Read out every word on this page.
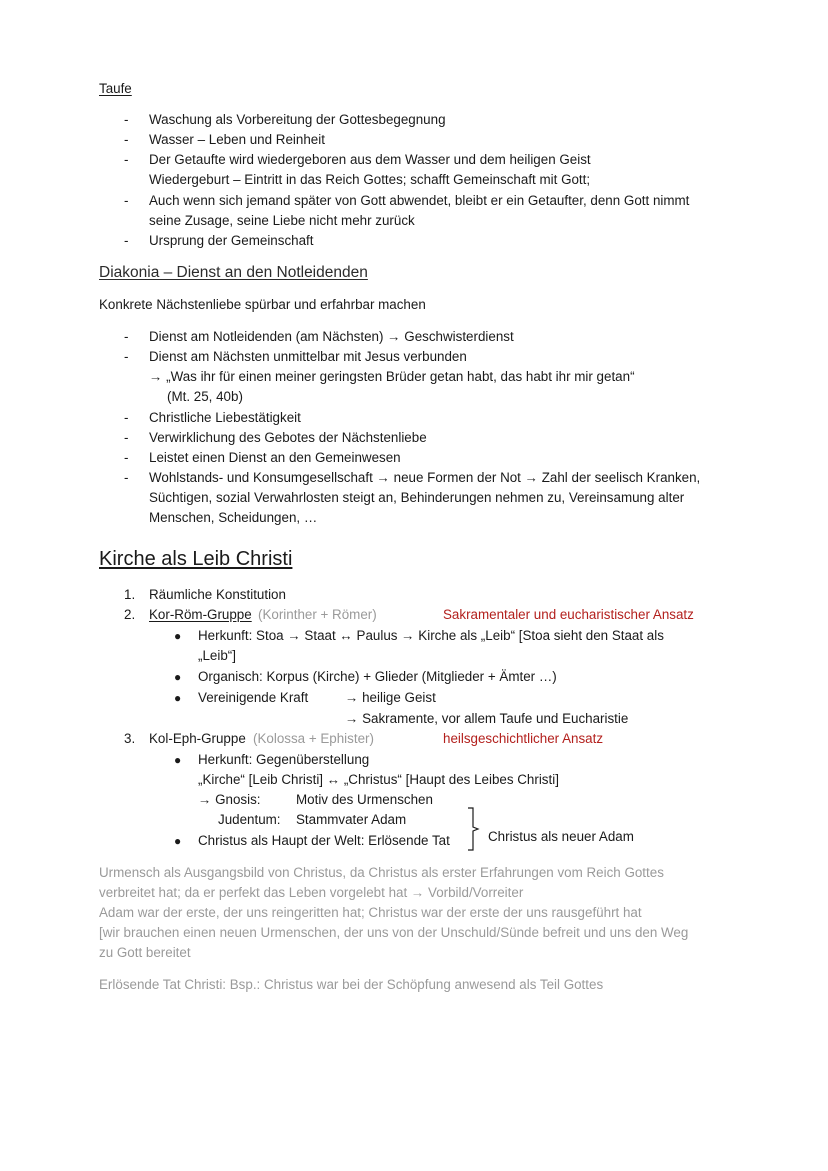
Taufe
- Waschung als Vorbereitung der Gottesbegegnung
- Wasser – Leben und Reinheit
- Der Getaufte wird wiedergeboren aus dem Wasser und dem heiligen Geist
Wiedergeburt – Eintritt in das Reich Gottes; schafft Gemeinschaft mit Gott;
- Auch wenn sich jemand später von Gott abwendet, bleibt er ein Getaufter, denn Gott nimmt
seine Zusage, seine Liebe nicht mehr zurück
- Ursprung der Gemeinschaft
Diakonia – Dienst an den Notleidenden
Konkrete Nächstenliebe spürbar und erfahrbar machen
- Dienst am Notleidenden (am Nächsten) → Geschwisterdienst
- Dienst am Nächsten unmittelbar mit Jesus verbunden
→ „Was ihr für einen meiner geringsten Brüder getan habt, das habt ihr mir getan“
(Mt. 25, 40b)
- Christliche Liebestätigkeit
- Verwirklichung des Gebotes der Nächstenliebe
- Leistet einen Dienst an den Gemeinwesen
- Wohlstands- und Konsumgesellschaft → neue Formen der Not → Zahl der seelisch Kranken,
Süchtigen, sozial Verwahrlosten steigt an, Behinderungen nehmen zu, Vereinsamung alter
Menschen, Scheidungen, …
Kirche als Leib Christi
1. Räumliche Konstitution
2. Kor-Röm-Gruppe (Korinther + Römer)	Sakramentaler und eucharistischer Ansatz
● Herkunft: Stoa → Staat ↔ Paulus → Kirche als „Leib“ [Stoa sieht den Staat als
„Leib“]
● Organisch: Korpus (Kirche) + Glieder (Mitglieder + Ämter …)
● Vereinigende Kraft	→ heilige Geist
→ Sakramente, vor allem Taufe und Eucharistie
3. Kol-Eph-Gruppe (Kolossa + Ephister)	heilsgeschichtlicher Ansatz
● Herkunft: Gegenüberstellung
„Kirche“ [Leib Christi] ↔ „Christus“ [Haupt des Leibes Christi]
→ Gnosis:	Motiv des Urmenschen
Judentum: Stammvater Adam
● Christus als Haupt der Welt: Erlösende Tat	Christus als neuer Adam
Urmensch als Ausgangsbild von Christus, da Christus als erster Erfahrungen vom Reich Gottes
verbreitet hat; da er perfekt das Leben vorgelebt hat → Vorbild/Vorreiter
Adam war der erste, der uns reingeritten hat; Christus war der erste der uns rausgeführt hat
[wir brauchen einen neuen Urmenschen, der uns von der Unschuld/Sünde befreit und uns den Weg
zu Gott bereitet
Erlösende Tat Christi: Bsp.: Christus war bei der Schöpfung anwesend als Teil Gottes
